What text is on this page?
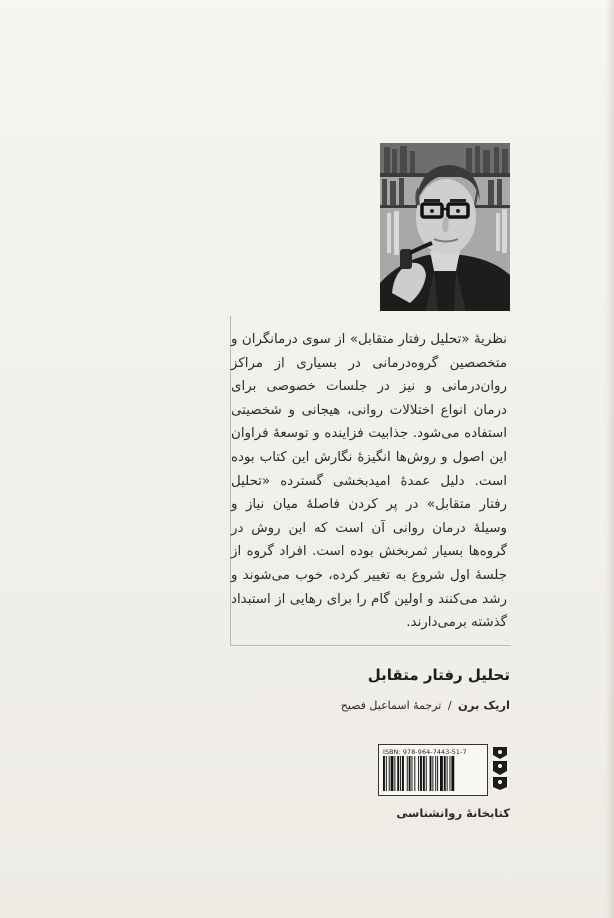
نظریهٔ «تحلیل رفتار متقابل» از سوی درمانگران و متخصصین گروه‌درمانی در بسیاری از مراکز روان‌درمانی و نیز در جلسات خصوصی برای درمان انواع اختلالات روانی، هیجانی و شخصیتی استفاده می‌شود. جذابیت فزاینده و توسعهٔ فراوان این اصول و روش‌ها انگیزهٔ نگارش این کتاب بوده است. دلیل عمدهٔ امیدبخشی گسترده «تحلیل رفتار متقابل» در پر کردن فاصلهٔ میان نیاز و وسیلهٔ درمان روانی آن است که این روش در گروه‌ها بسیار ثمربخش بوده است. افراد گروه از جلسهٔ اول شروع به تغییر کرده، خوب می‌شوند و رشد می‌کنند و اولین گام را برای رهایی از استبداد گذشته برمی‌دارند.

تحلیل رفتار متقابل
اریک برن / ترجمهٔ اسماعیل فصیح
ISBN: 978-964-7443-51-7
کتابخانهٔ روانشناسی
